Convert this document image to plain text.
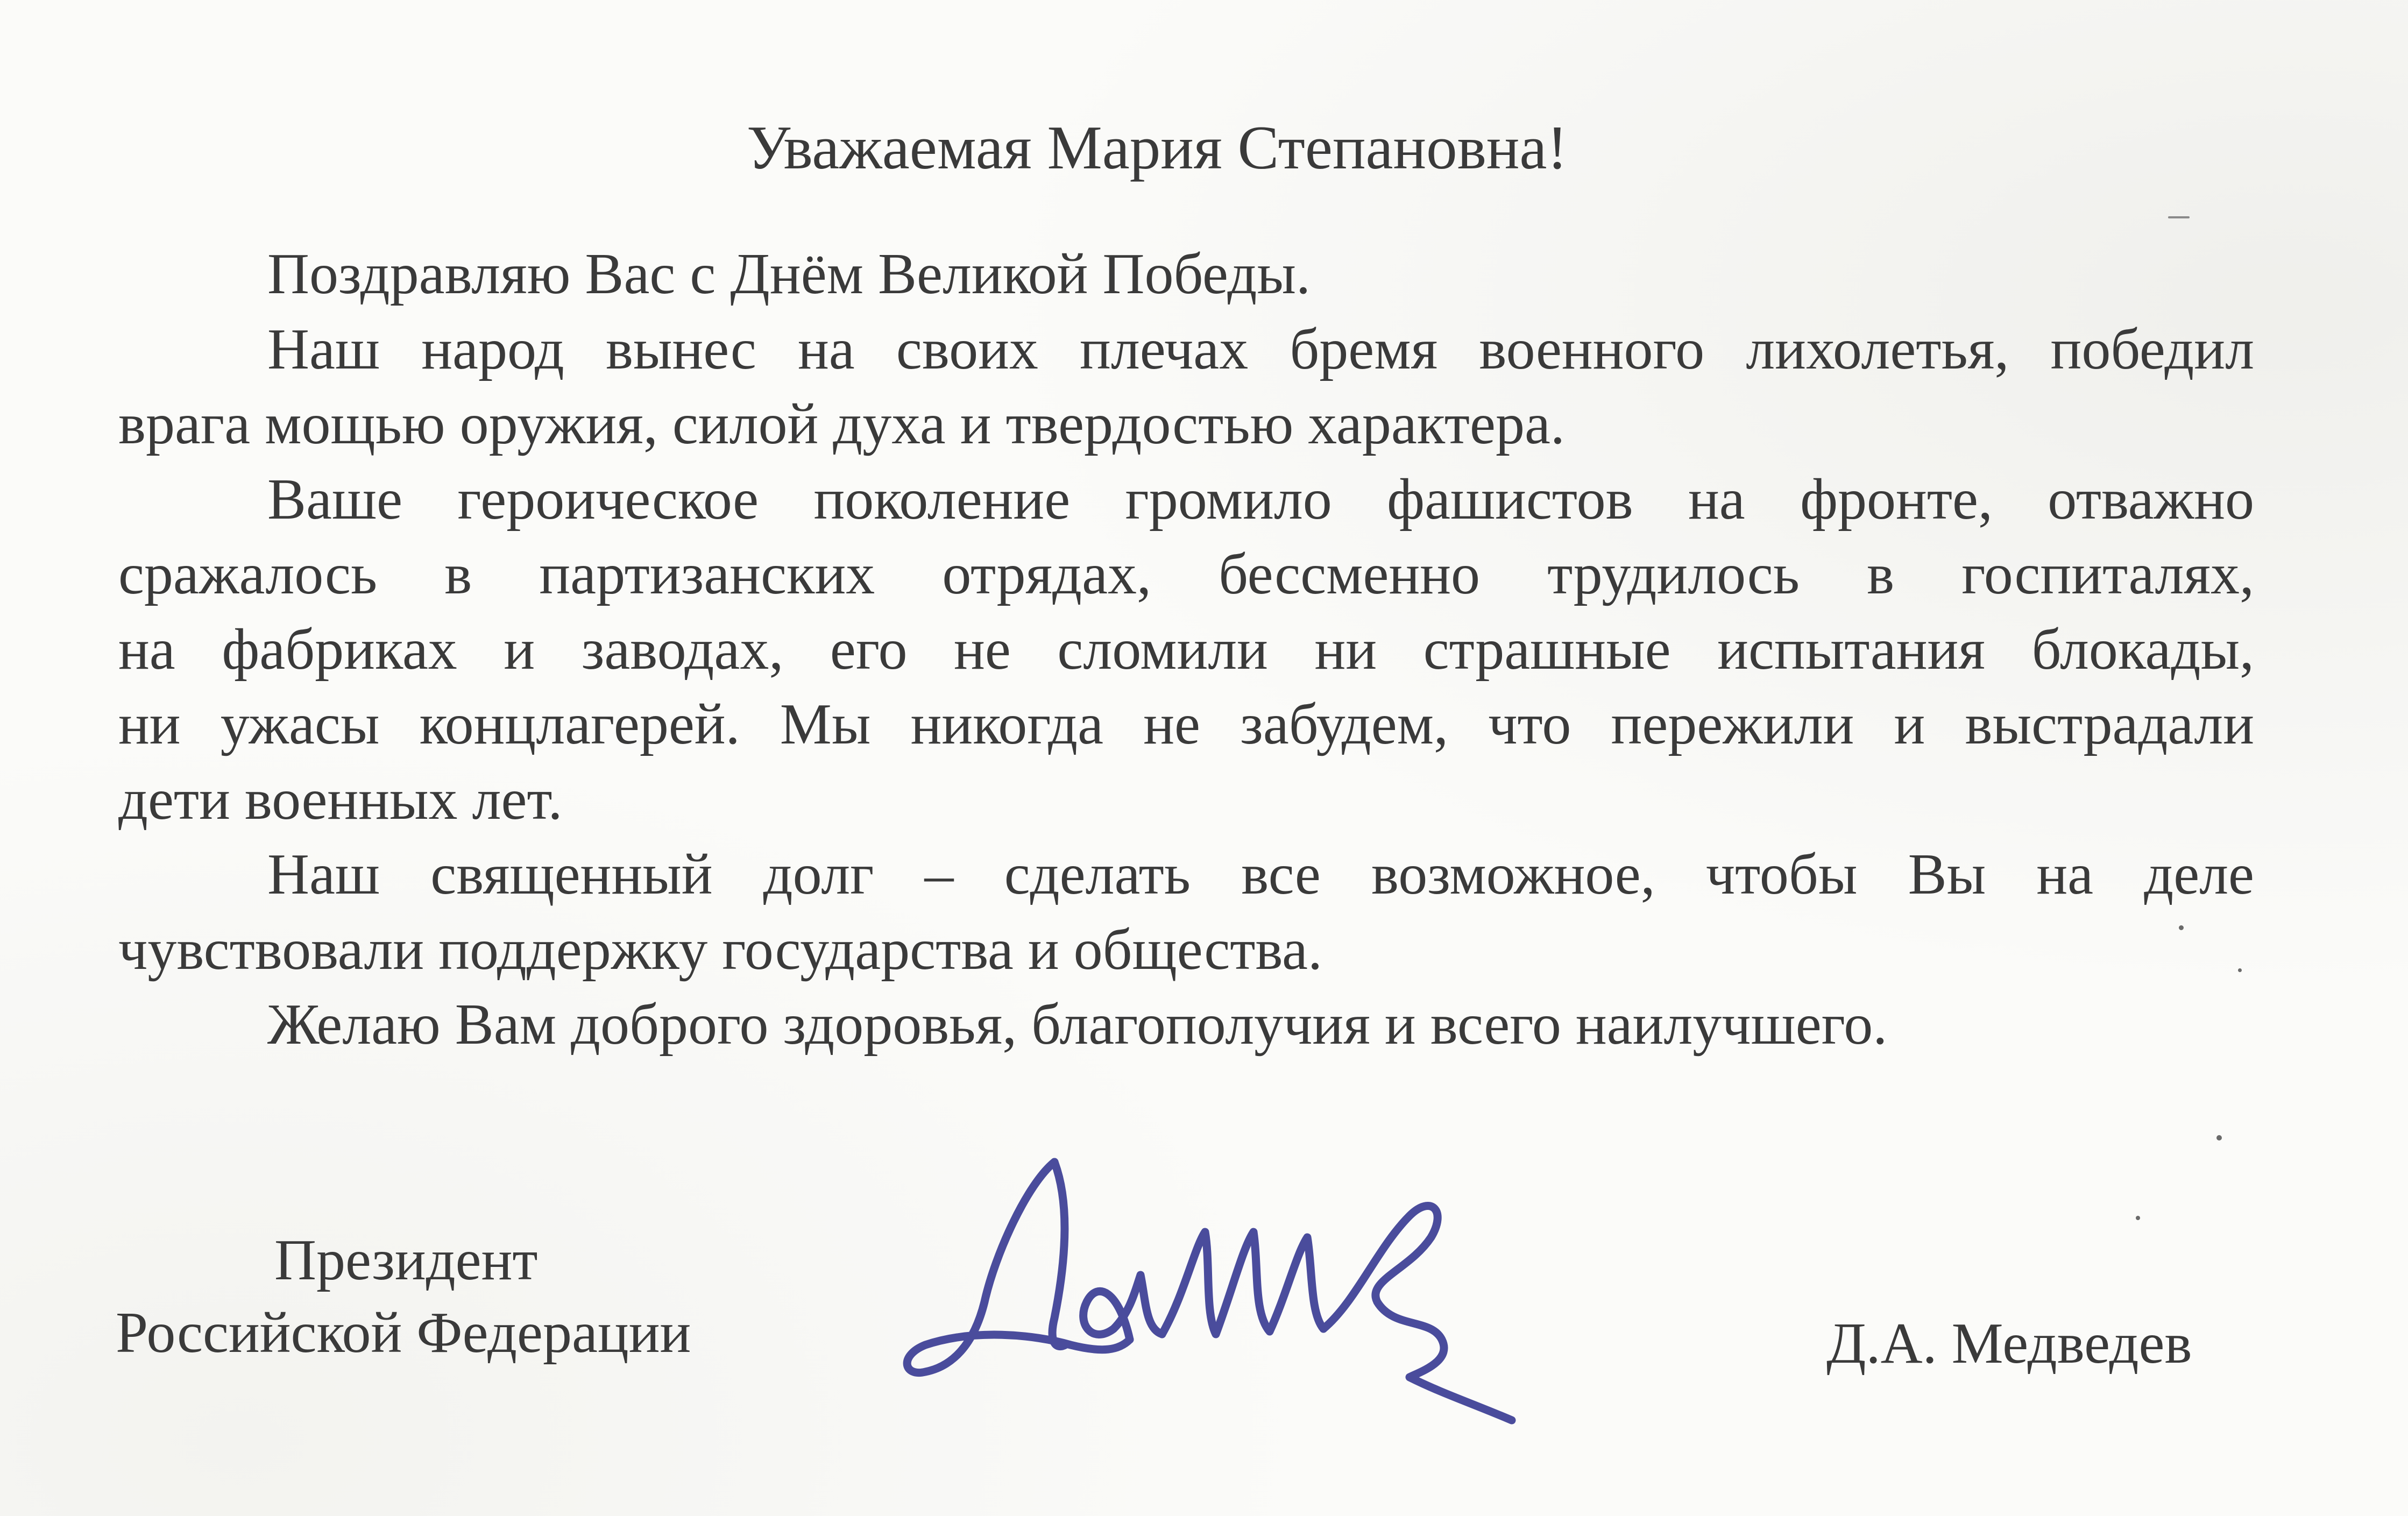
Уважаемая Мария Степановна!
Поздравляю Вас с Днём Великой Победы.
Наш народ вынес на своих плечах бремя военного лихолетья, победил
врага мощью оружия, силой духа и твердостью характера.
Ваше героическое поколение громило фашистов на фронте, отважно
сражалось в партизанских отрядах, бессменно трудилось в госпиталях,
на фабриках и заводах, его не сломили ни страшные испытания блокады,
ни ужасы концлагерей. Мы никогда не забудем, что пережили и выстрадали
дети военных лет.
Наш священный долг – сделать все возможное, чтобы Вы на деле
чувствовали поддержку государства и общества.
Желаю Вам доброго здоровья, благополучия и всего наилучшего.
Президент
Российской Федерации	Д.А. Медведев
